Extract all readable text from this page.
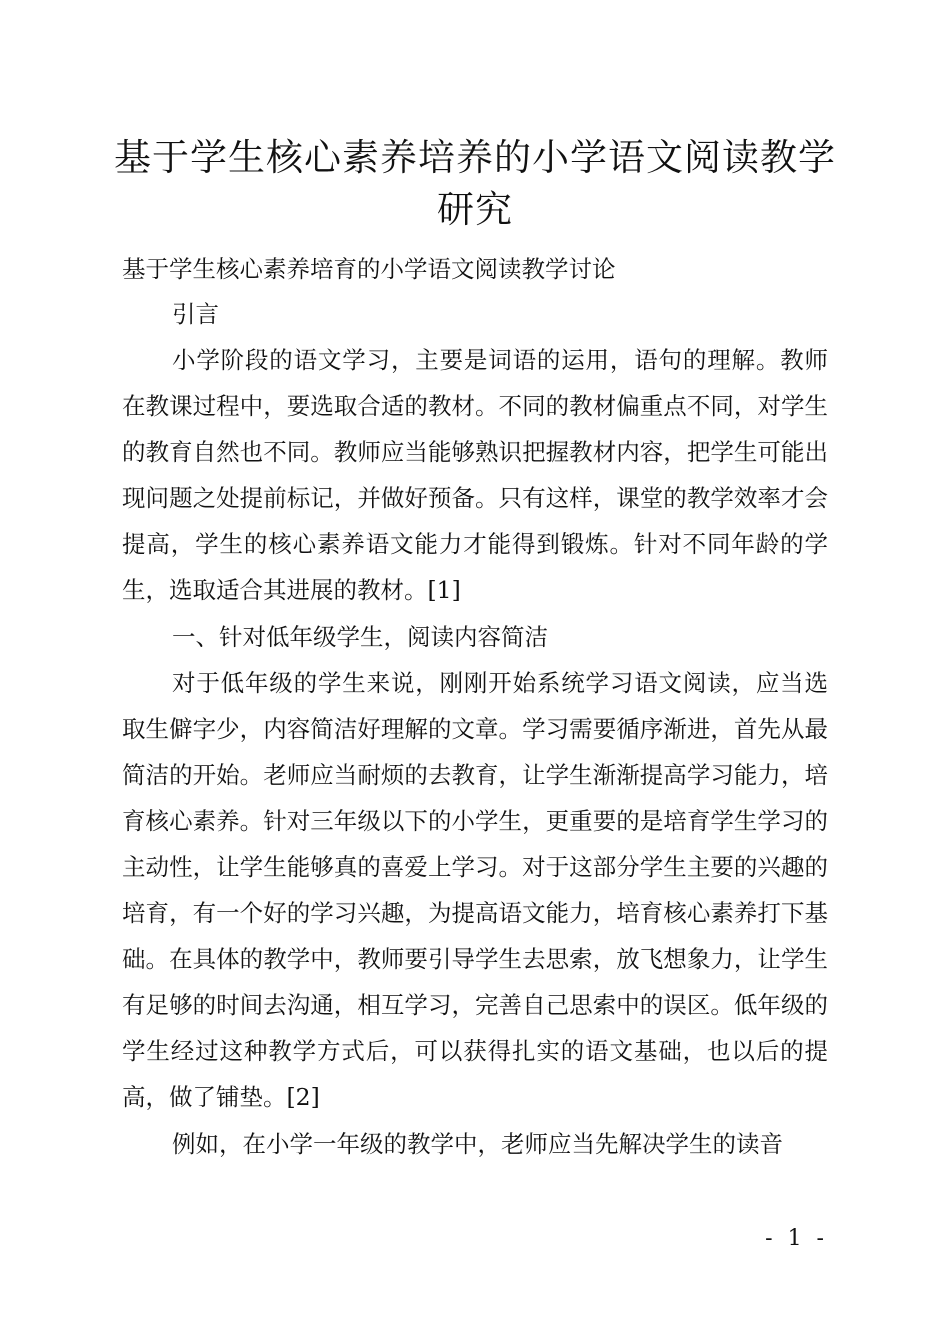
基于学生核心素养培养的小学语文阅读教学研究

基于学生核心素养培育的小学语文阅读教学讨论

引言

小学阶段的语文学习，主要是词语的运用，语句的理解。教师在教课过程中，要选取合适的教材。不同的教材偏重点不同，对学生的教育自然也不同。教师应当能够熟识把握教材内容，把学生可能出现问题之处提前标记，并做好预备。只有这样，课堂的教学效率才会提高，学生的核心素养语文能力才能得到锻炼。针对不同年龄的学生，选取适合其进展的教材。[1]

一、针对低年级学生，阅读内容简洁

对于低年级的学生来说，刚刚开始系统学习语文阅读，应当选取生僻字少，内容简洁好理解的文章。学习需要循序渐进，首先从最简洁的开始。老师应当耐烦的去教育，让学生渐渐提高学习能力，培育核心素养。针对三年级以下的小学生，更重要的是培育学生学习的主动性，让学生能够真的喜爱上学习。对于这部分学生主要的兴趣的培育，有一个好的学习兴趣，为提高语文能力，培育核心素养打下基础。在具体的教学中，教师要引导学生去思索，放飞想象力，让学生有足够的时间去沟通，相互学习，完善自己思索中的误区。低年级的学生经过这种教学方式后，可以获得扎实的语文基础，也以后的提高，做了铺垫。[2]

例如，在小学一年级的教学中，老师应当先解决学生的读音

- 1 -
